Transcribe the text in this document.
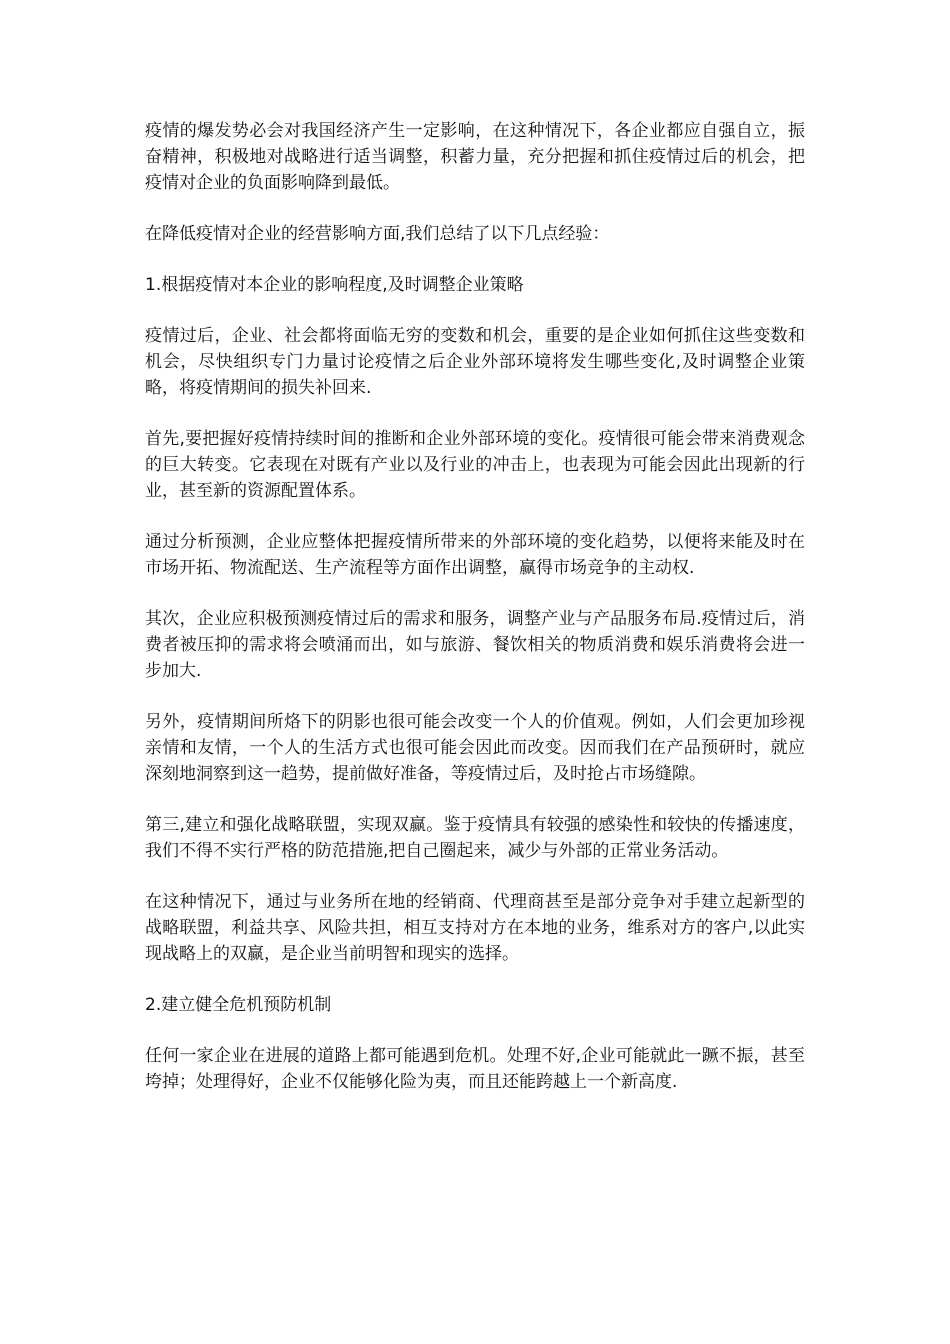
疫情的爆发势必会对我国经济产生一定影响，在这种情况下，各企业都应自强自立，振奋精神，积极地对战略进行适当调整，积蓄力量，充分把握和抓住疫情过后的机会，把疫情对企业的负面影响降到最低。

在降低疫情对企业的经营影响方面,我们总结了以下几点经验：

1.根据疫情对本企业的影响程度,及时调整企业策略

疫情过后，企业、社会都将面临无穷的变数和机会，重要的是企业如何抓住这些变数和机会，尽快组织专门力量讨论疫情之后企业外部环境将发生哪些变化,及时调整企业策略，将疫情期间的损失补回来.

首先,要把握好疫情持续时间的推断和企业外部环境的变化。疫情很可能会带来消费观念的巨大转变。它表现在对既有产业以及行业的冲击上，也表现为可能会因此出现新的行业，甚至新的资源配置体系。

通过分析预测，企业应整体把握疫情所带来的外部环境的变化趋势，以便将来能及时在市场开拓、物流配送、生产流程等方面作出调整，赢得市场竞争的主动权.

其次，企业应积极预测疫情过后的需求和服务，调整产业与产品服务布局.疫情过后，消费者被压抑的需求将会喷涌而出，如与旅游、餐饮相关的物质消费和娱乐消费将会进一步加大.

另外，疫情期间所烙下的阴影也很可能会改变一个人的价值观。例如，人们会更加珍视亲情和友情，一个人的生活方式也很可能会因此而改变。因而我们在产品预研时，就应深刻地洞察到这一趋势，提前做好准备，等疫情过后，及时抢占市场缝隙。

第三,建立和强化战略联盟，实现双赢。鉴于疫情具有较强的感染性和较快的传播速度，我们不得不实行严格的防范措施,把自己圈起来，减少与外部的正常业务活动。

在这种情况下，通过与业务所在地的经销商、代理商甚至是部分竞争对手建立起新型的战略联盟，利益共享、风险共担，相互支持对方在本地的业务，维系对方的客户,以此实现战略上的双赢，是企业当前明智和现实的选择。

2.建立健全危机预防机制

任何一家企业在进展的道路上都可能遇到危机。处理不好,企业可能就此一蹶不振，甚至垮掉；处理得好，企业不仅能够化险为夷，而且还能跨越上一个新高度.
